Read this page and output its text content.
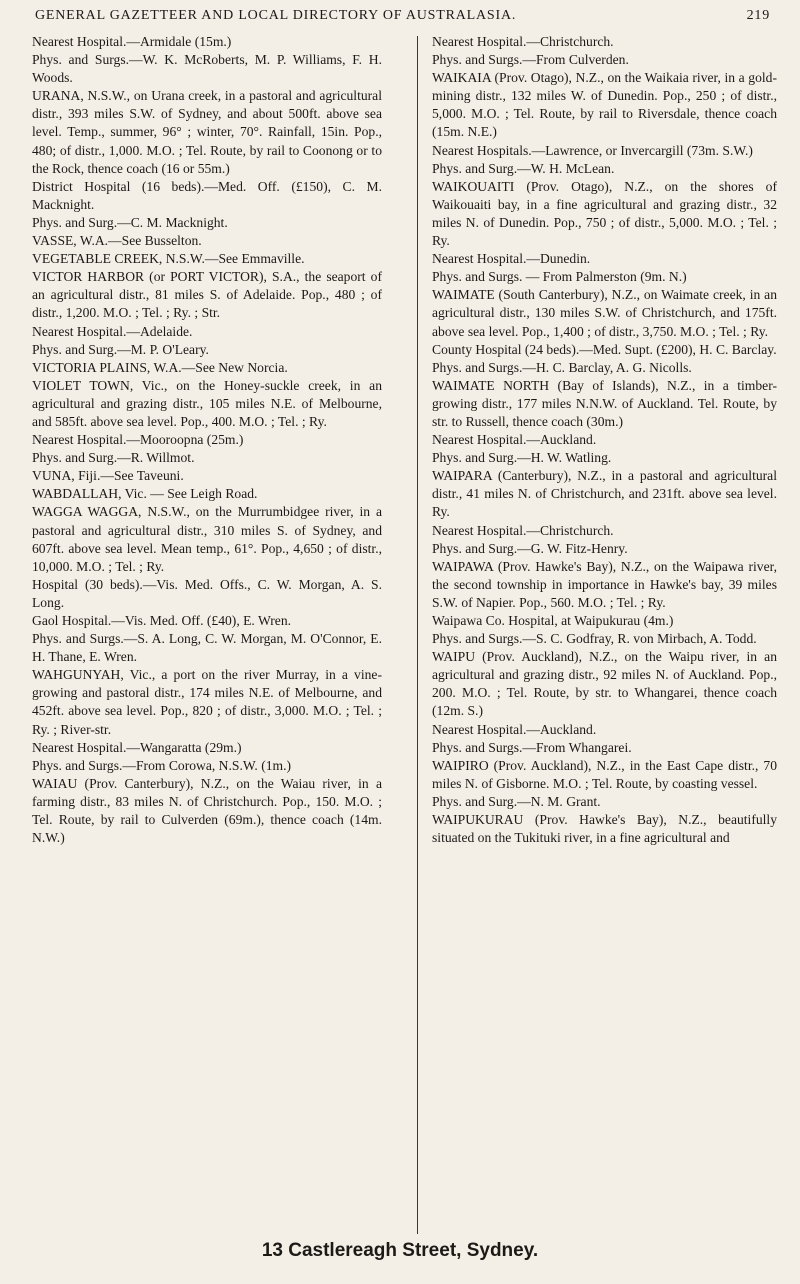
GENERAL GAZETTEER AND LOCAL DIRECTORY OF AUSTRALASIA.	219

Nearest Hospital.—Armidale (15m.)

Phys. and Surgs.—W. K. McRoberts, M. P. Williams, F. H. Woods.

URANA, N.S.W., on Urana creek, in a pastoral and agricultural distr., 393 miles S.W. of Sydney, and about 500ft. above sea level. Temp., summer, 96° ; winter, 70°. Rainfall, 15in. Pop., 480; of distr., 1,000. M.O. ; Tel. Route, by rail to Coonong or to the Rock, thence coach (16 or 55m.)

District Hospital (16 beds).—Med. Off. (£150), C. M. Macknight.

Phys. and Surg.—C. M. Macknight.

VASSE, W.A.—See Busselton.

VEGETABLE CREEK, N.S.W.—See Emmaville.

VICTOR HARBOR (or PORT VICTOR), S.A., the seaport of an agricultural distr., 81 miles S. of Adelaide. Pop., 480 ; of distr., 1,200. M.O. ; Tel. ; Ry. ; Str.

Nearest Hospital.—Adelaide.

Phys. and Surg.—M. P. O'Leary.

VICTORIA PLAINS, W.A.—See New Norcia.

VIOLET TOWN, Vic., on the Honey-suckle creek, in an agricultural and grazing distr., 105 miles N.E. of Melbourne, and 585ft. above sea level. Pop., 400. M.O. ; Tel. ; Ry.

Nearest Hospital.—Mooroopna (25m.)

Phys. and Surg.—R. Willmot.

VUNA, Fiji.—See Taveuni.

WABDALLAH, Vic. — See Leigh Road.

WAGGA WAGGA, N.S.W., on the Murrumbidgee river, in a pastoral and agricultural distr., 310 miles S. of Sydney, and 607ft. above sea level. Mean temp., 61°. Pop., 4,650 ; of distr., 10,000. M.O. ; Tel. ; Ry.

Hospital (30 beds).—Vis. Med. Offs., C. W. Morgan, A. S. Long.

Gaol Hospital.—Vis. Med. Off. (£40), E. Wren.

Phys. and Surgs.—S. A. Long, C. W. Morgan, M. O'Connor, E. H. Thane, E. Wren.

WAHGUNYAH, Vic., a port on the river Murray, in a vine-growing and pastoral distr., 174 miles N.E. of Melbourne, and 452ft. above sea level. Pop., 820 ; of distr., 3,000. M.O. ; Tel. ; Ry. ; River-str.

Nearest Hospital.—Wangaratta (29m.)

Phys. and Surgs.—From Corowa, N.S.W. (1m.)

WAIAU (Prov. Canterbury), N.Z., on the Waiau river, in a farming distr., 83 miles N. of Christchurch. Pop., 150. M.O. ; Tel. Route, by rail to Culverden (69m.), thence coach (14m. N.W.)

Nearest Hospital.—Christchurch.

Phys. and Surgs.—From Culverden.

WAIKAIA (Prov. Otago), N.Z., on the Waikaia river, in a gold-mining distr., 132 miles W. of Dunedin. Pop., 250 ; of distr., 5,000. M.O. ; Tel. Route, by rail to Riversdale, thence coach (15m. N.E.)

Nearest Hospitals.—Lawrence, or Invercargill (73m. S.W.)

Phys. and Surg.—W. H. McLean.

WAIKOUAITI (Prov. Otago), N.Z., on the shores of Waikouaiti bay, in a fine agricultural and grazing distr., 32 miles N. of Dunedin. Pop., 750 ; of distr., 5,000. M.O. ; Tel. ; Ry.

Nearest Hospital.—Dunedin.

Phys. and Surgs. — From Palmerston (9m. N.)

WAIMATE (South Canterbury), N.Z., on Waimate creek, in an agricultural distr., 130 miles S.W. of Christchurch, and 175ft. above sea level. Pop., 1,400 ; of distr., 3,750. M.O. ; Tel. ; Ry.

County Hospital (24 beds).—Med. Supt. (£200), H. C. Barclay.

Phys. and Surgs.—H. C. Barclay, A. G. Nicolls.

WAIMATE NORTH (Bay of Islands), N.Z., in a timber-growing distr., 177 miles N.N.W. of Auckland. Tel. Route, by str. to Russell, thence coach (30m.)

Nearest Hospital.—Auckland.

Phys. and Surg.—H. W. Watling.

WAIPARA (Canterbury), N.Z., in a pastoral and agricultural distr., 41 miles N. of Christchurch, and 231ft. above sea level. Ry.

Nearest Hospital.—Christchurch.

Phys. and Surg.—G. W. Fitz-Henry.

WAIPAWA (Prov. Hawke's Bay), N.Z., on the Waipawa river, the second township in importance in Hawke's bay, 39 miles S.W. of Napier. Pop., 560. M.O. ; Tel. ; Ry.

Waipawa Co. Hospital, at Waipukurau (4m.)

Phys. and Surgs.—S. C. Godfray, R. von Mirbach, A. Todd.

WAIPU (Prov. Auckland), N.Z., on the Waipu river, in an agricultural and grazing distr., 92 miles N. of Auckland. Pop., 200. M.O. ; Tel. Route, by str. to Whangarei, thence coach (12m. S.)

Nearest Hospital.—Auckland.

Phys. and Surgs.—From Whangarei.

WAIPIRO (Prov. Auckland), N.Z., in the East Cape distr., 70 miles N. of Gisborne. M.O. ; Tel. Route, by coasting vessel.

Phys. and Surg.—N. M. Grant.

WAIPUKURAU (Prov. Hawke's Bay), N.Z., beautifully situated on the Tukituki river, in a fine agricultural and

13 Castlereagh Street, Sydney.
